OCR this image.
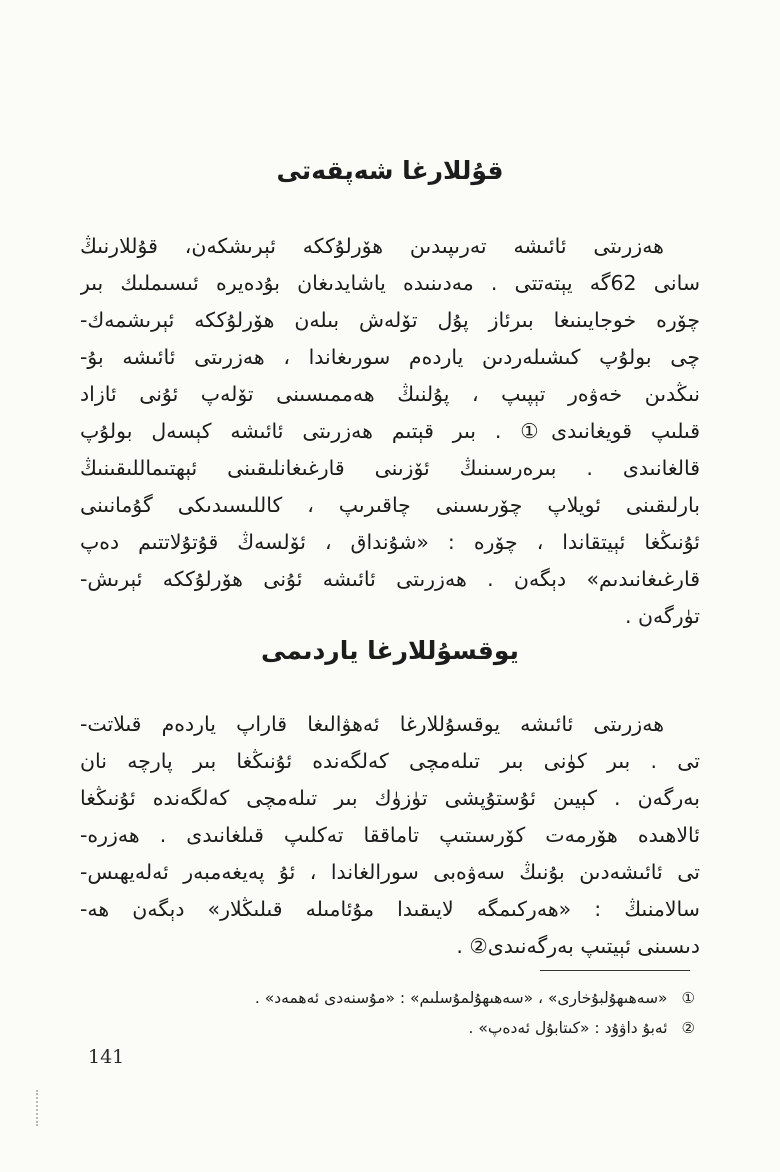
قۇللارغا شەپقەتى
ھەزرىتى ئائىشە تەرىپىدىن ھۆرلۇككە ئېرىشكەن، قۇللارنىڭ
سانى 62گە يېتەتتى . مەدىنىدە ياشايدىغان بۇدەيرە ئىسىملىك بىر
چۆرە خوجايىنىغا بىرئاز پۇل تۆلەش بىلەن ھۆرلۇككە ئېرىشمەك-
چى بولۇپ كىشىلەردىن ياردەم سورىغاندا ، ھەزرىتى ئائىشە بۇ-
نىڭدىن خەۋەر تېپىپ ، پۇلنىڭ ھەممىسىنى تۆلەپ ئۇنى ئازاد
قىلىپ قويغانىدى① . بىر قېتىم ھەزرىتى ئائىشە كېسەل بولۇپ
قالغانىدى . بىرەرسىنىڭ ئۆزىنى قارغىغانلىقىنى ئېھتىماللىقىنىڭ
بارلىقىنى ئويلاپ چۆرىسىنى چاقىرىپ ، كاللىسىدىكى گۇمانىنى
ئۇنىڭغا ئېيتقاندا ، چۆرە : «شۇنداق ، ئۆلسەڭ قۇتۇلاتتىم دەپ
قارغىغانىدىم» دېگەن . ھەزرىتى ئائىشە ئۇنى ھۆرلۇككە ئېرىش-
تۈرگەن .
يوقسۇللارغا ياردىمى
ھەزرىتى ئائىشە يوقسۇللارغا ئەھۋالىغا قاراپ ياردەم قىلاتت-
تى . بىر كۈنى بىر تىلەمچى كەلگەندە ئۇنىڭغا بىر پارچە نان
بەرگەن . كېيىن ئۇستۇپشى تۈزۈك بىر تىلەمچى كەلگەندە ئۇنىڭغا
ئالاھىدە ھۆرمەت كۆرسىتىپ تاماققا تەكلىپ قىلغانىدى . ھەزرە-
تى ئائىشەدىن بۇنىڭ سەۋەبى سورالغاندا ، ئۇ پەيغەمبەر ئەلەيھىس-
سالامنىڭ : «ھەركىمگە لايىقىدا مۇئامىلە قىلىڭلار» دېگەن ھە-
دىسىنى ئېيتىپ بەرگەنىدى② .
①«سەھىھۇلبۇخارى» ، «سەھىھۇلمۇسلىم» : «مۇسنەدى ئەھمەد» .
②ئەبۇ داۋۇد : «كىتابۇل ئەدەپ» .
141
